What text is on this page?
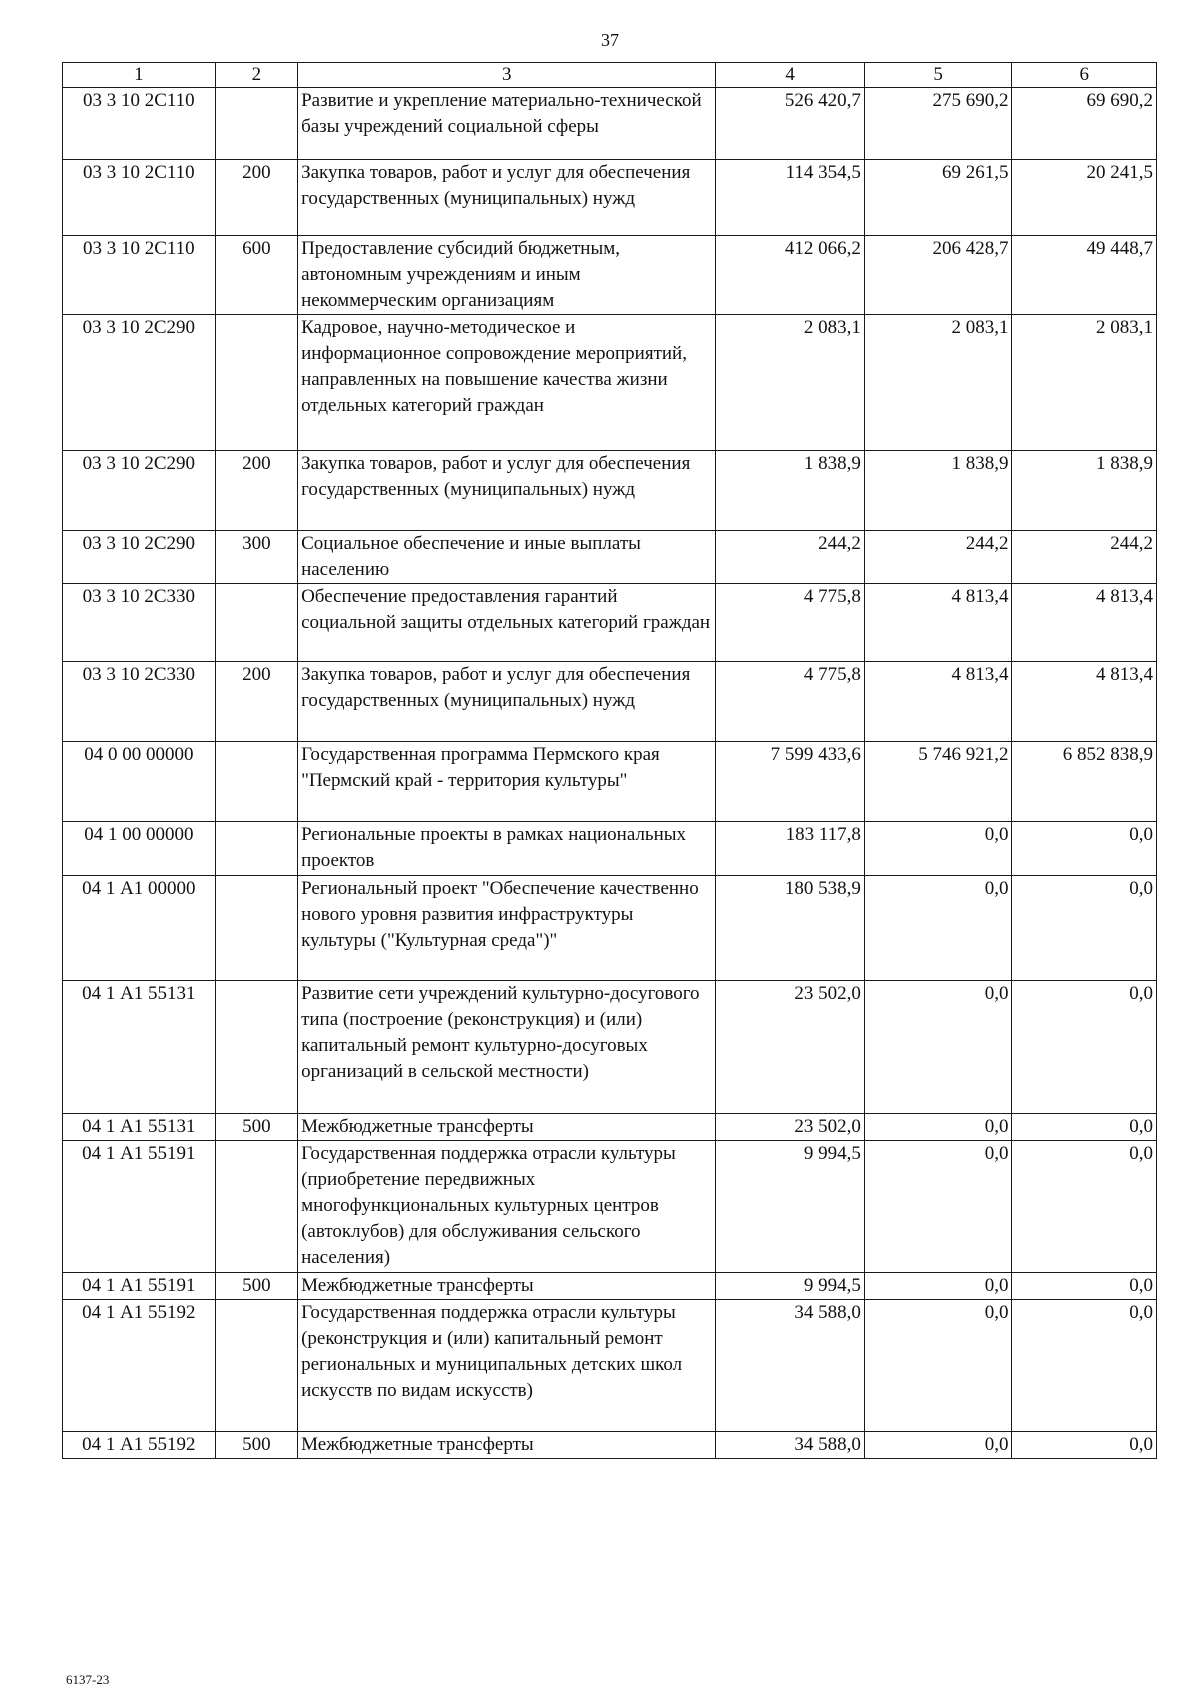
37
1	2	3	4	5	6
03 3 10 2С110		Развитие и укрепление материально-технической базы учреждений социальной сферы	526 420,7	275 690,2	69 690,2
03 3 10 2С110	200	Закупка товаров, работ и услуг для обеспечения государственных (муниципальных) нужд	114 354,5	69 261,5	20 241,5
03 3 10 2С110	600	Предоставление субсидий бюджетным, автономным учреждениям и иным некоммерческим организациям	412 066,2	206 428,7	49 448,7
03 3 10 2С290		Кадровое, научно-методическое и информационное сопровождение мероприятий, направленных на повышение качества жизни отдельных категорий граждан	2 083,1	2 083,1	2 083,1
03 3 10 2С290	200	Закупка товаров, работ и услуг для обеспечения государственных (муниципальных) нужд	1 838,9	1 838,9	1 838,9
03 3 10 2С290	300	Социальное обеспечение и иные выплаты населению	244,2	244,2	244,2
03 3 10 2С330		Обеспечение предоставления гарантий социальной защиты отдельных категорий граждан	4 775,8	4 813,4	4 813,4
03 3 10 2С330	200	Закупка товаров, работ и услуг для обеспечения государственных (муниципальных) нужд	4 775,8	4 813,4	4 813,4
04 0 00 00000		Государственная программа Пермского края "Пермский край - территория культуры"	7 599 433,6	5 746 921,2	6 852 838,9
04 1 00 00000		Региональные проекты в рамках национальных проектов	183 117,8	0,0	0,0
04 1 А1 00000		Региональный проект "Обеспечение качественно нового уровня развития инфраструктуры культуры ("Культурная среда")"	180 538,9	0,0	0,0
04 1 А1 55131		Развитие сети учреждений культурно-досугового типа (построение (реконструкция) и (или) капитальный ремонт культурно-досуговых организаций в сельской местности)	23 502,0	0,0	0,0
04 1 А1 55131	500	Межбюджетные трансферты	23 502,0	0,0	0,0
04 1 А1 55191		Государственная поддержка отрасли культуры (приобретение передвижных многофункциональных культурных центров (автоклубов) для обслуживания сельского населения)	9 994,5	0,0	0,0
04 1 А1 55191	500	Межбюджетные трансферты	9 994,5	0,0	0,0
04 1 А1 55192		Государственная поддержка отрасли культуры (реконструкция и (или) капитальный ремонт региональных и муниципальных детских школ искусств по видам искусств)	34 588,0	0,0	0,0
04 1 А1 55192	500	Межбюджетные трансферты	34 588,0	0,0	0,0
6137-23
